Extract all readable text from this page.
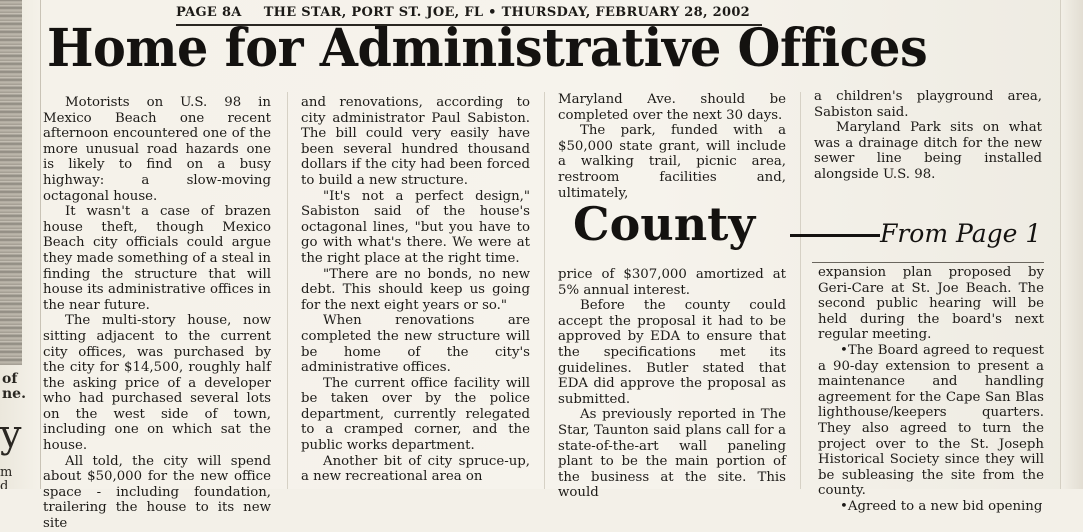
of
ne.
y
m
d
PAGE 8A THE STAR, PORT ST. JOE, FL • THURSDAY, FEBRUARY 28, 2002
Home for Administrative Offices

Motorists on U.S. 98 in Mexico Beach one recent afternoon encountered one of the more unusual road hazards one is likely to find on a busy highway: a slow-moving octagonal house.

It wasn't a case of brazen house theft, though Mexico Beach city officials could argue they made something of a steal in finding the structure that will house its administrative offices in the near future.

The multi-story house, now sitting adjacent to the current city offices, was purchased by the city for $14,500, roughly half the asking price of a developer who had purchased several lots on the west side of town, including one on which sat the house.

All told, the city will spend about $50,000 for the new office space - including foundation, trailering the house to its new site

and renovations, according to city administrator Paul Sabiston. The bill could very easily have been several hundred thousand dollars if the city had been forced to build a new structure.

"It's not a perfect design," Sabiston said of the house's octagonal lines, "but you have to go with what's there. We were at the right place at the right time.

"There are no bonds, no new debt. This should keep us going for the next eight years or so."

When renovations are completed the new structure will be home of the city's administrative offices.

The current office facility will be taken over by the police department, currently relegated to a cramped corner, and the public works department.

Another bit of city spruce-up, a new recreational area on

Maryland Ave. should be completed over the next 30 days.

The park, funded with a $50,000 state grant, will include a walking trail, picnic area, restroom facilities and, ultimately,

a children's playground area, Sabiston said.

Maryland Park sits on what was a drainage ditch for the new sewer line being installed alongside U.S. 98.

County	From Page 1

price of $307,000 amortized at 5% annual interest.

Before the county could accept the proposal it had to be approved by EDA to ensure that the specifications met its guidelines. Butler stated that EDA did approve the proposal as submitted.

As previously reported in The Star, Taunton said plans call for a state-of-the-art wall paneling plant to be the main portion of the business at the site. This would

expansion plan proposed by Geri-Care at St. Joe Beach. The second public hearing will be held during the board's next regular meeting.

•The Board agreed to request a 90-day extension to present a maintenance and handling agreement for the Cape San Blas lighthouse/keepers quarters. They also agreed to turn the project over to the St. Joseph Historical Society since they will be subleasing the site from the county.

•Agreed to a new bid opening
